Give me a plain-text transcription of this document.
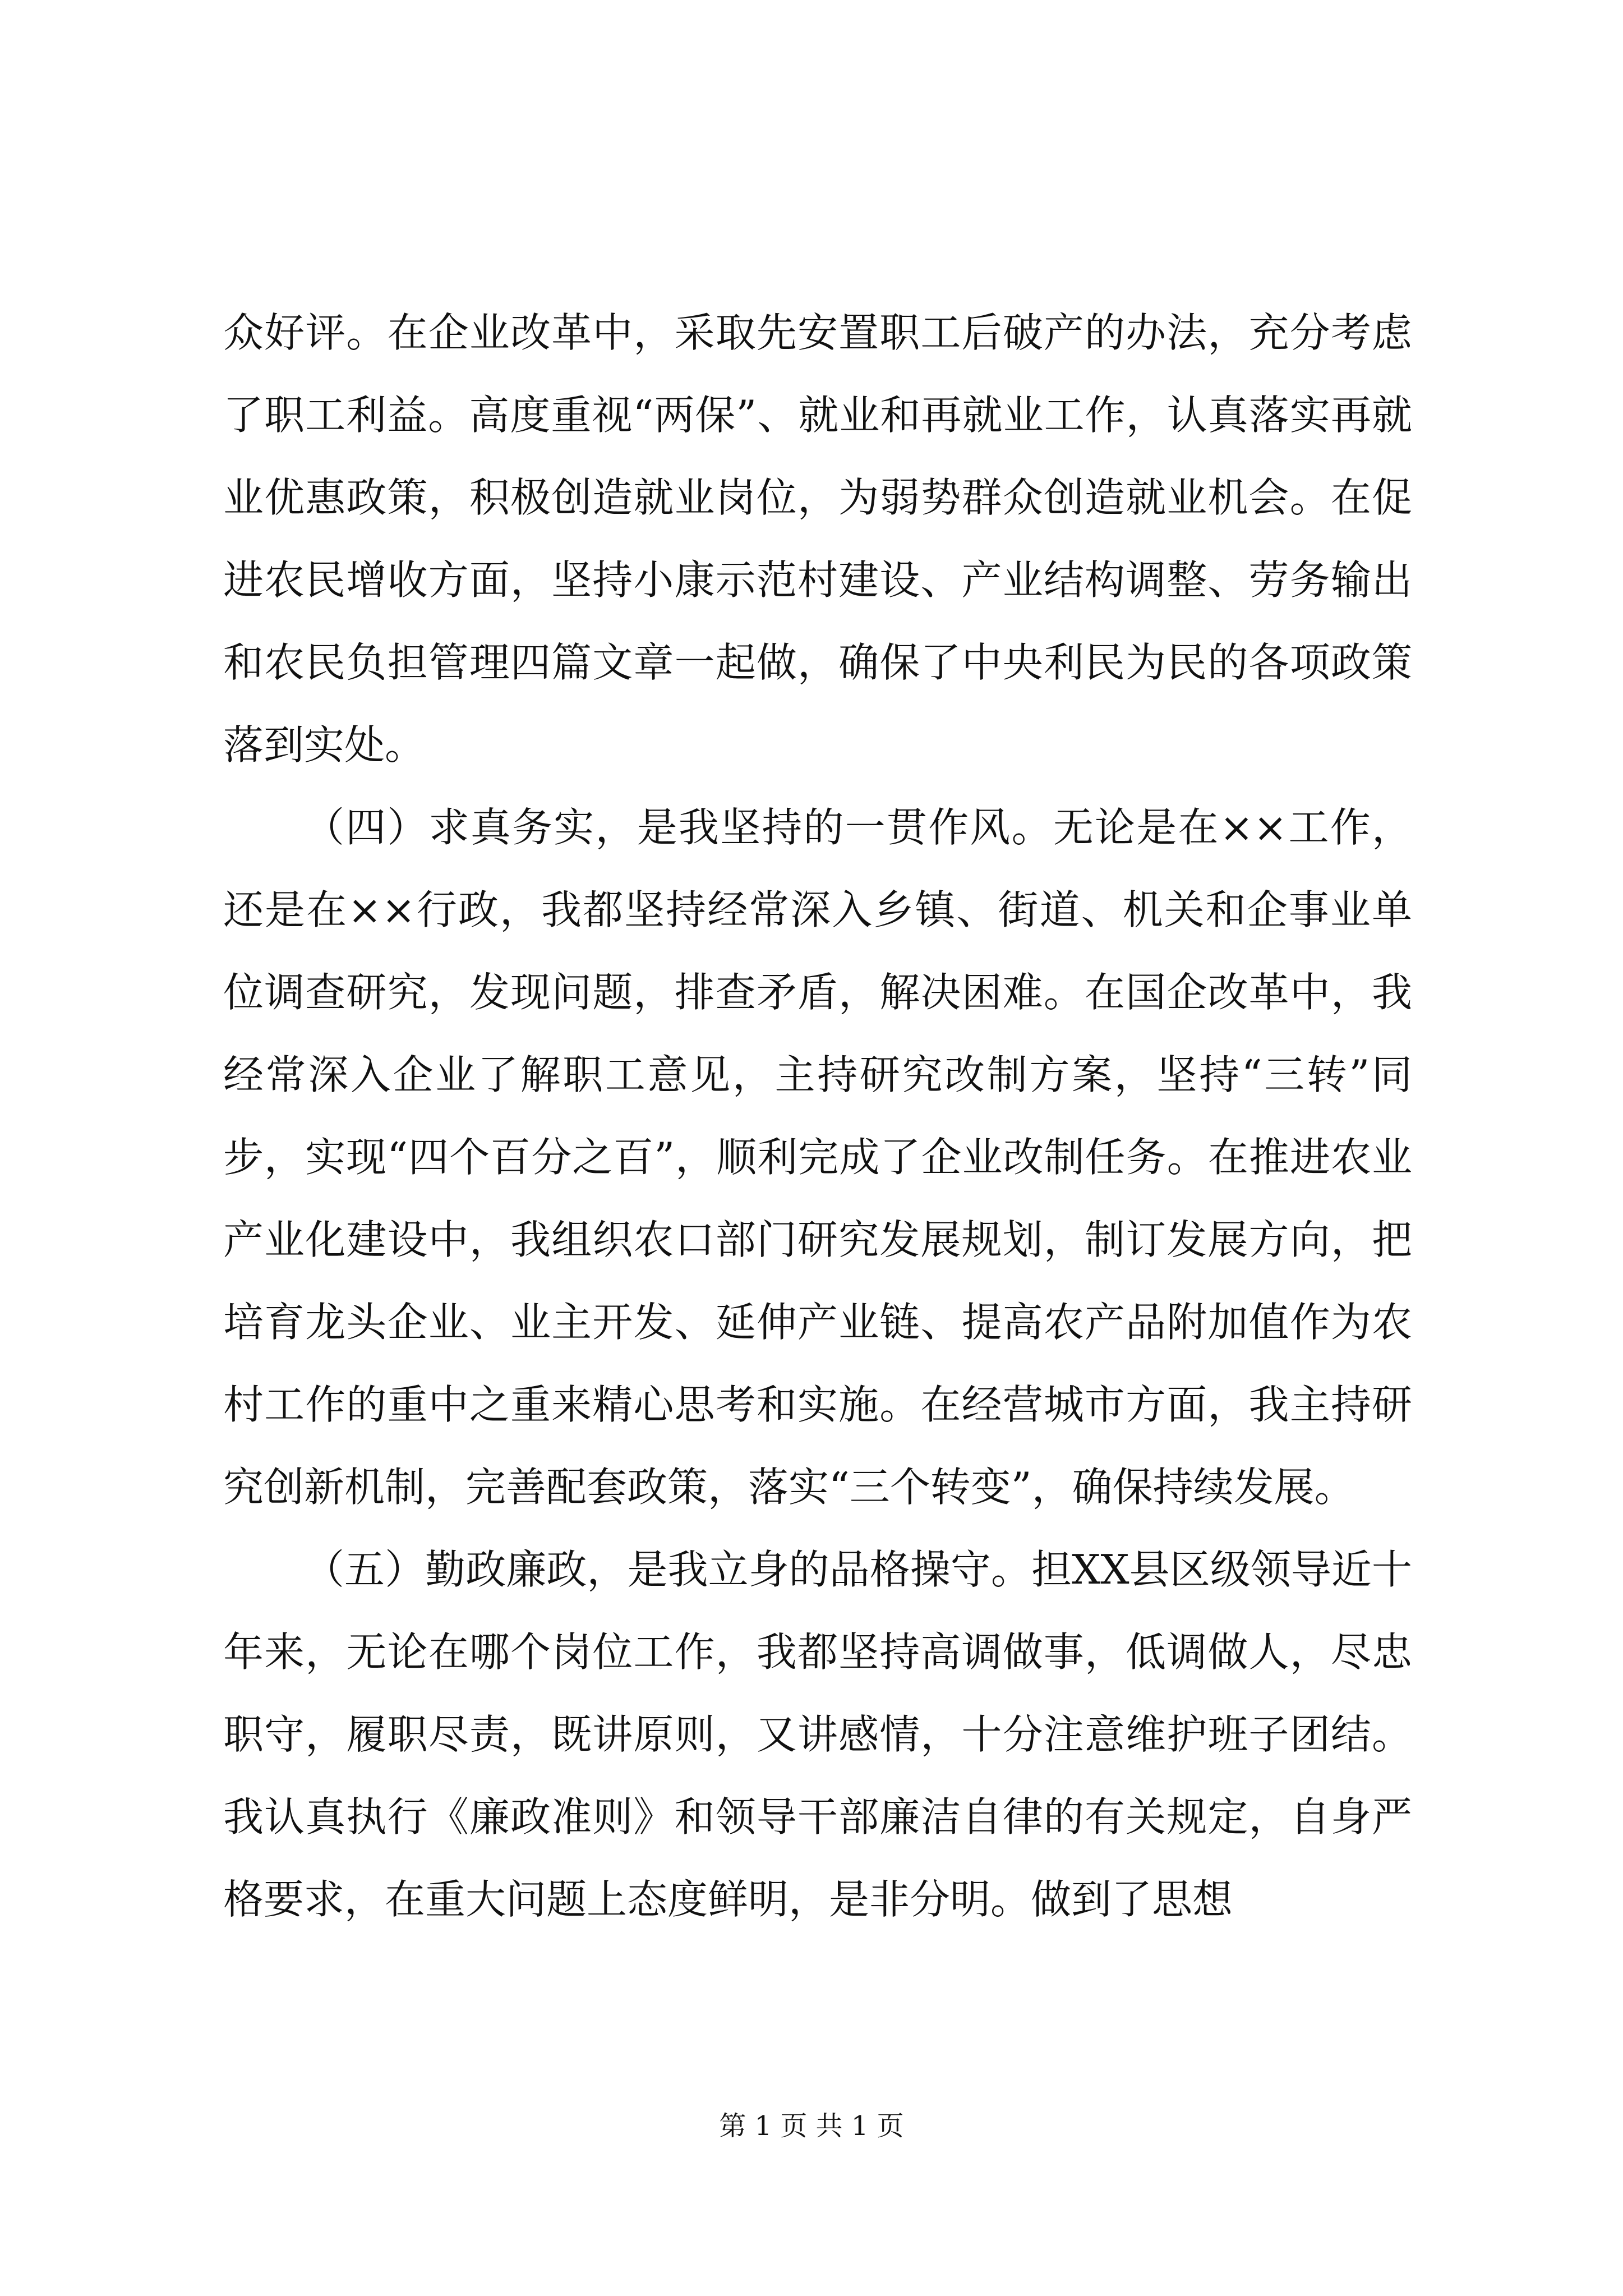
众好评。在企业改革中，采取先安置职工后破产的办法，充分考虑了职工利益。高度重视“两保”、就业和再就业工作，认真落实再就业优惠政策，积极创造就业岗位，为弱势群众创造就业机会。在促进农民增收方面，坚持小康示范村建设、产业结构调整、劳务输出和农民负担管理四篇文章一起做，确保了中央利民为民的各项政策落到实处。

（四）求真务实，是我坚持的一贯作风。无论是在××工作，还是在××行政，我都坚持经常深入乡镇、街道、机关和企事业单位调查研究，发现问题，排查矛盾，解决困难。在国企改革中，我经常深入企业了解职工意见，主持研究改制方案，坚持“三转”同步，实现“四个百分之百”，顺利完成了企业改制任务。在推进农业产业化建设中，我组织农口部门研究发展规划，制订发展方向，把培育龙头企业、业主开发、延伸产业链、提高农产品附加值作为农村工作的重中之重来精心思考和实施。在经营城市方面，我主持研究创新机制，完善配套政策，落实“三个转变”，确保持续发展。

（五）勤政廉政，是我立身的品格操守。担XX县区级领导近十年来，无论在哪个岗位工作，我都坚持高调做事，低调做人，尽忠职守，履职尽责，既讲原则，又讲感情，十分注意维护班子团结。我认真执行《廉政准则》和领导干部廉洁自律的有关规定，自身严格要求，在重大问题上态度鲜明，是非分明。做到了思想

第 1 页 共 1 页
